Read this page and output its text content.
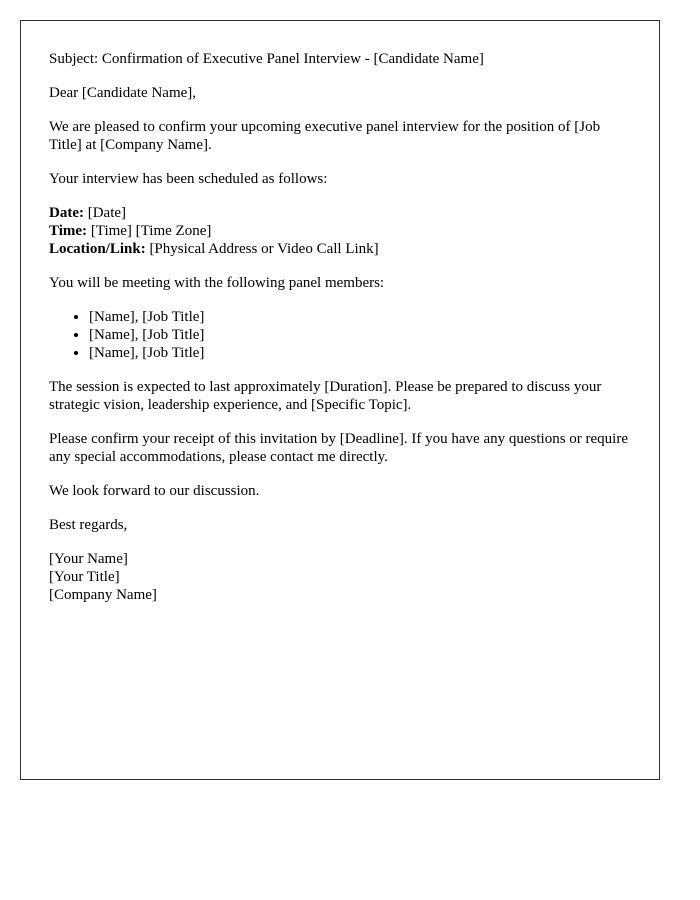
Subject: Confirmation of Executive Panel Interview - [Candidate Name]

Dear [Candidate Name],

We are pleased to confirm your upcoming executive panel interview for the position of [Job Title] at [Company Name].

Your interview has been scheduled as follows:

Date: [Date]
Time: [Time] [Time Zone]
Location/Link: [Physical Address or Video Call Link]

You will be meeting with the following panel members:

• [Name], [Job Title]
• [Name], [Job Title]
• [Name], [Job Title]

The session is expected to last approximately [Duration]. Please be prepared to discuss your strategic vision, leadership experience, and [Specific Topic].

Please confirm your receipt of this invitation by [Deadline]. If you have any questions or require any special accommodations, please contact me directly.

We look forward to our discussion.

Best regards,

[Your Name]
[Your Title]
[Company Name]
